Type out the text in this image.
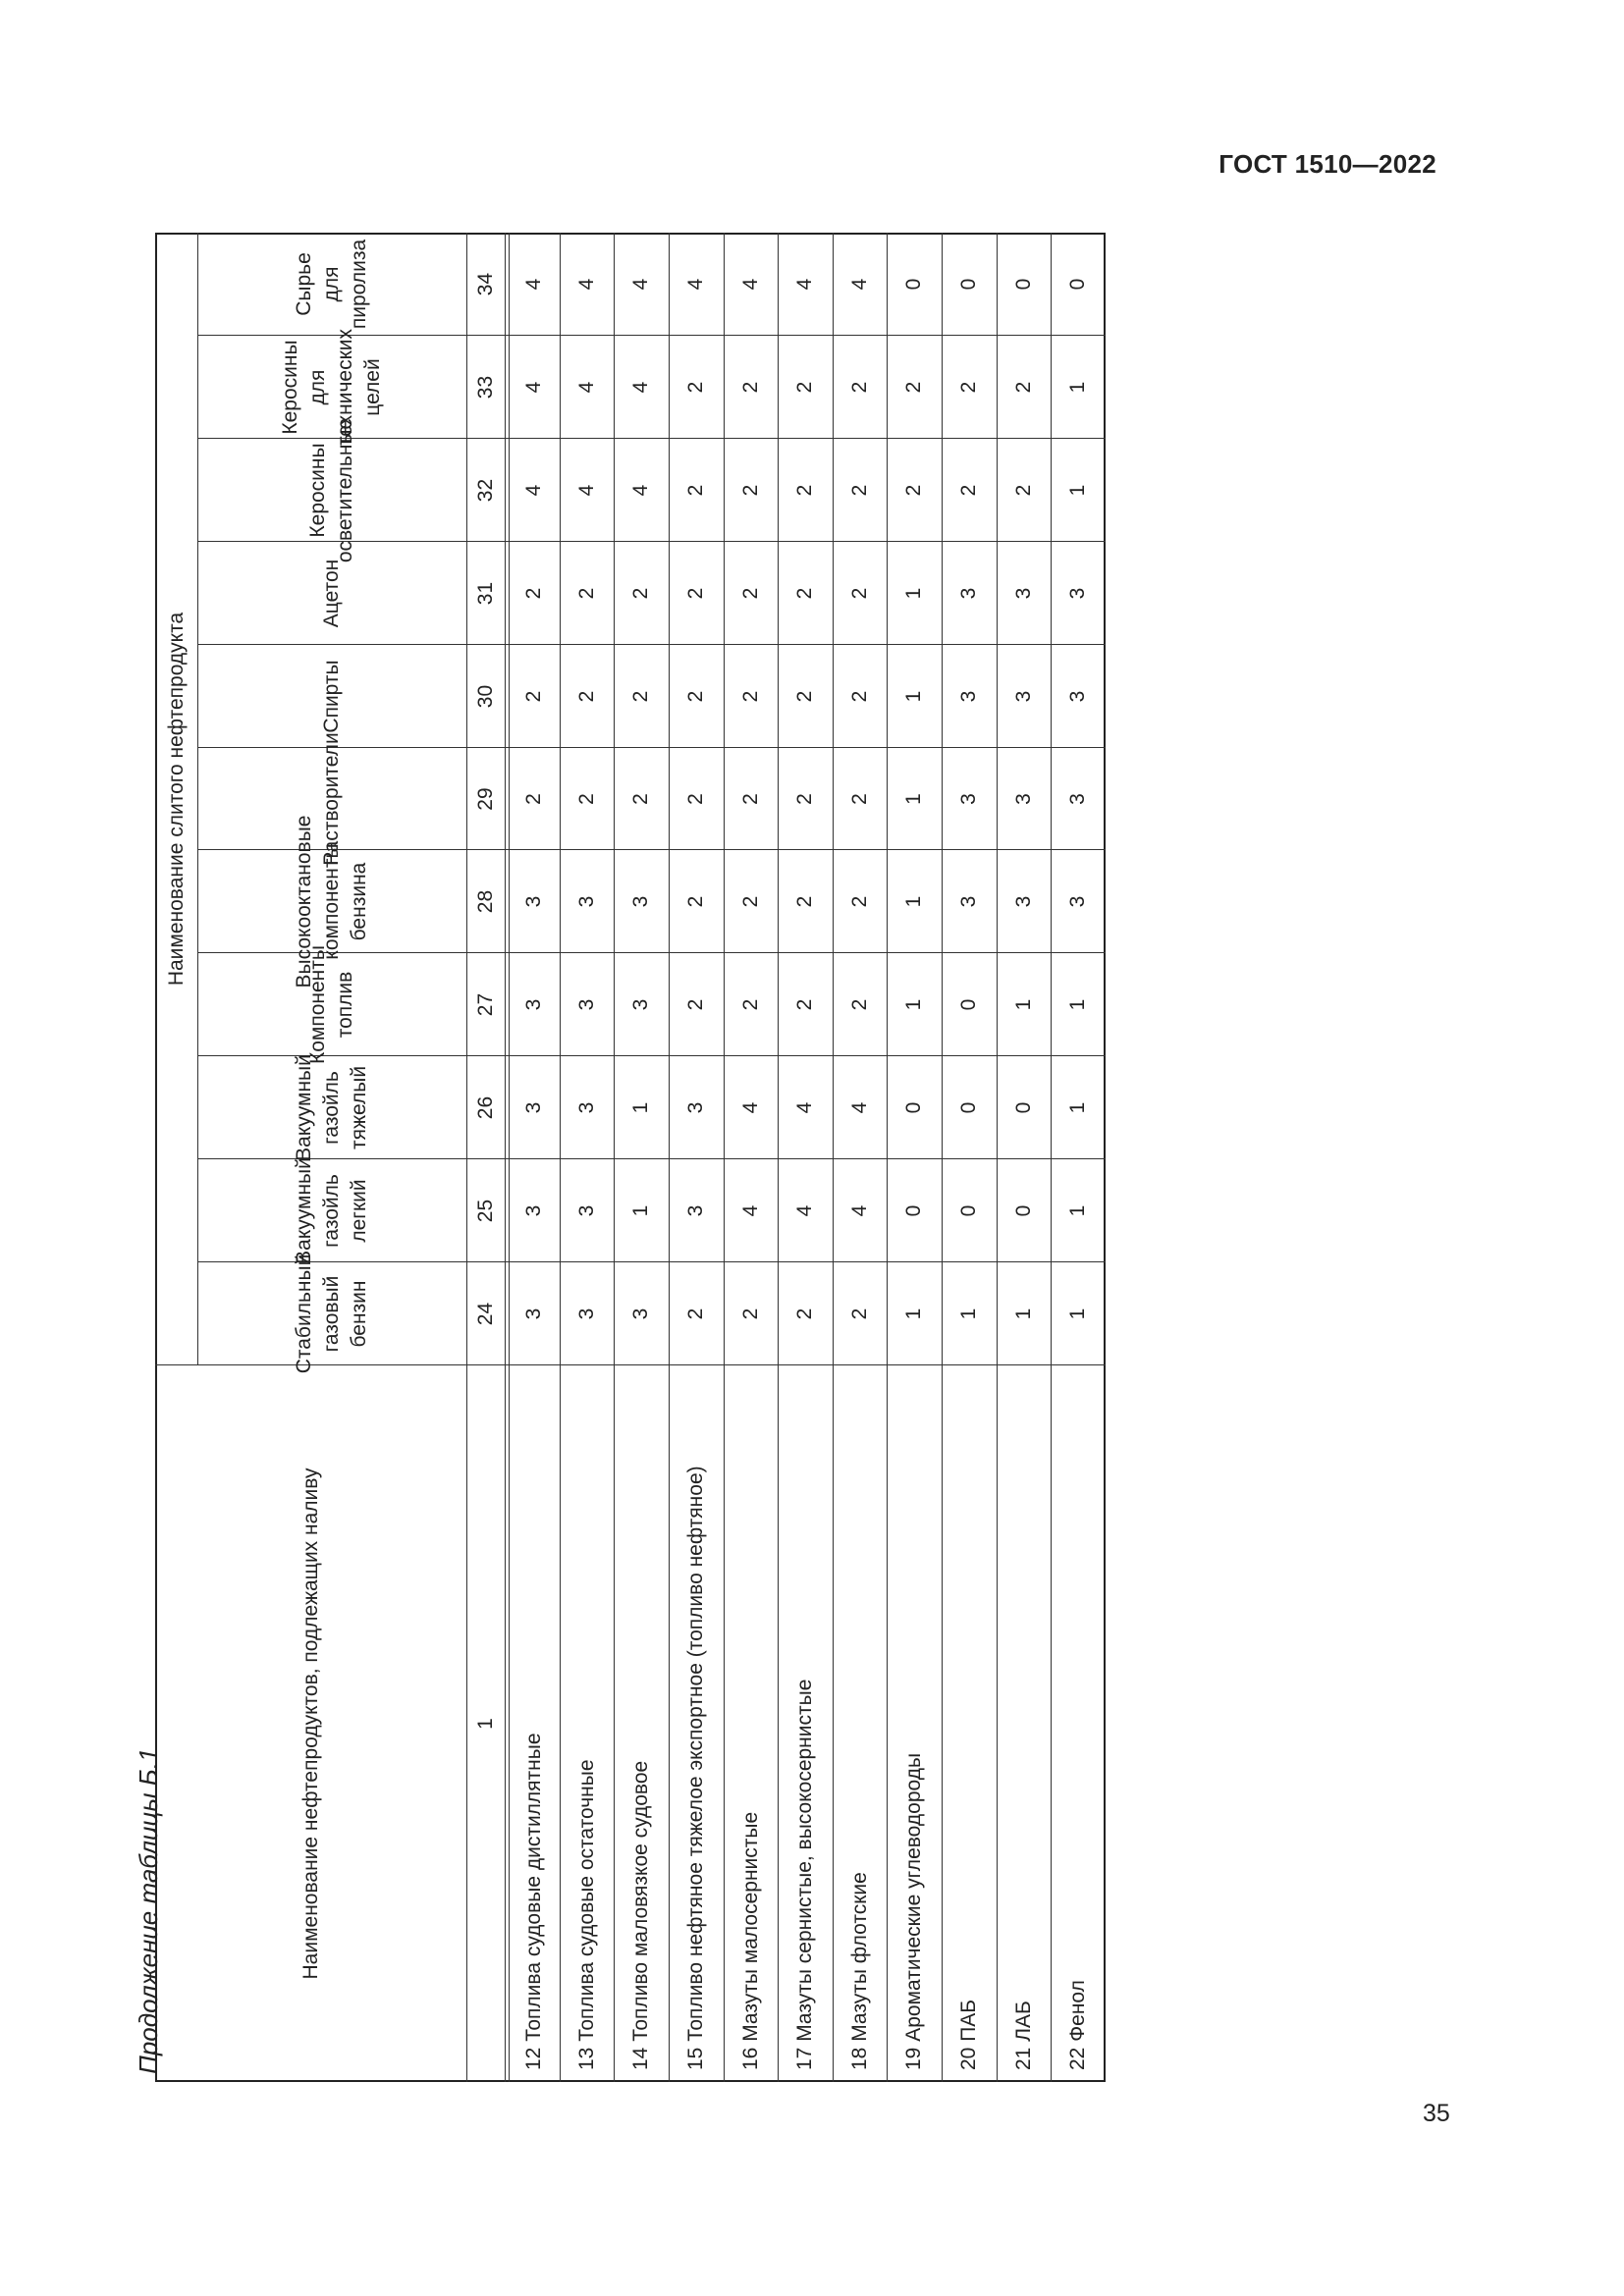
ГОСТ 1510—2022
Продолжение таблицы Б.1	Наименование нефтепродуктов, подлежащих наливу
Наименование слитого нефтепродукта
Стабильный газовый бензин
Вакуумный газойль легкий
Вакуумный газойль тяжелый
Компоненты топлив
Высокооктановые компоненты бензина
Растворители
Спирты
Ацетон
Керосины осветительные
Керосины для технических целей
Сырье для пиролиза
1
24
25
26
27
28
29
30
31
32
33
34
12 Топлива судовые дистиллятные
3
3
3
3
3
2
2
2
4
4
4
13 Топлива судовые остаточные
3
3
3
3
3
2
2
2
4
4
4
14 Топливо маловязкое судовое
3
1
1
3
3
2
2
2
4
4
4
15 Топливо нефтяное тяжелое экспортное (топливо нефтяное)
2
3
3
2
2
2
2
2
2
2
4
16 Мазуты малосернистые
2
4
4
2
2
2
2
2
2
2
4
17 Мазуты сернистые, высокосернистые
2
4
4
2
2
2
2
2
2
2
4
18 Мазуты флотские
2
4
4
2
2
2
2
2
2
2
4
19 Ароматические углеводороды
1
0
0
1
1
1
1
1
2
2
0
20 ПАБ
1
0
0
0
3
3
3
3
2
2
0
21 ЛАБ
1
0
0
1
3
3
3
3
2
2
0
22 Фенол
1
1
1
1
3
3
3
3
1
1
0
35
